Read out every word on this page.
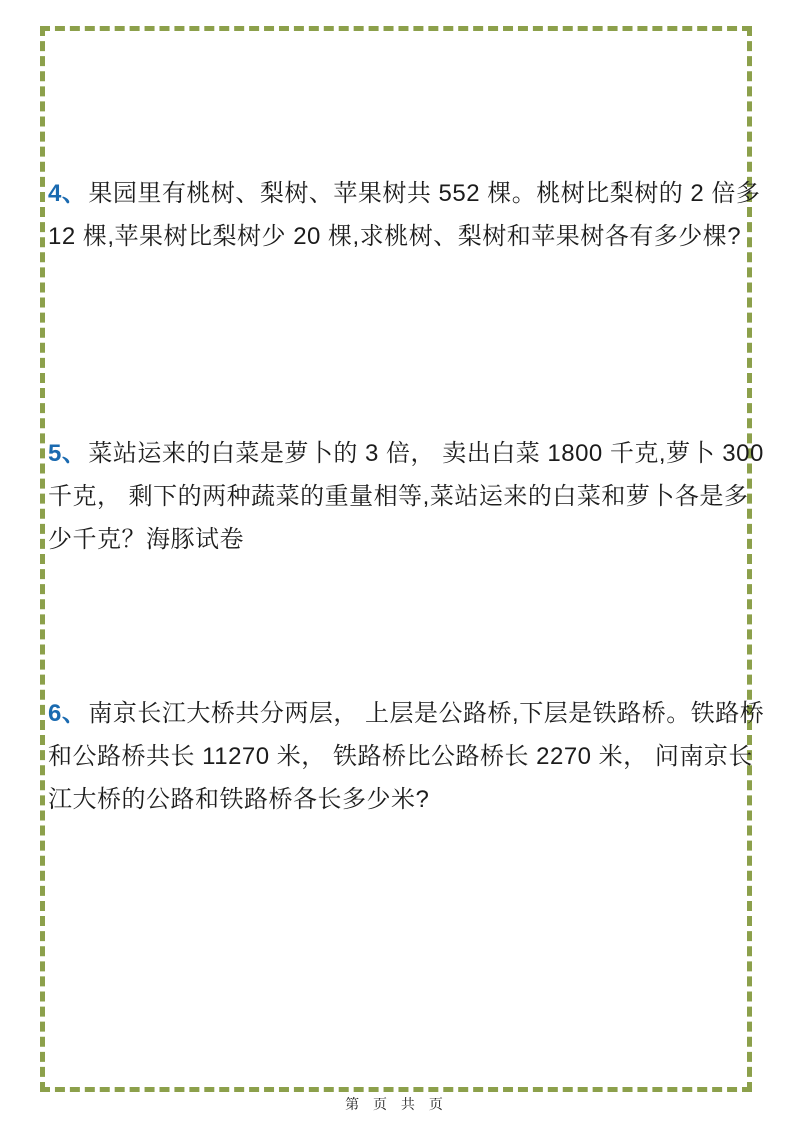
4、果园里有桃树、梨树、苹果树共 552 棵。桃树比梨树的 2 倍多
12 棵,苹果树比梨树少 20 棵,求桃树、梨树和苹果树各有多少棵?
5、菜站运来的白菜是萝卜的 3 倍， 卖出白菜 1800 千克,萝卜 300
千克， 剩下的两种蔬菜的重量相等,菜站运来的白菜和萝卜各是多
少千克？海豚试卷
6、南京长江大桥共分两层， 上层是公路桥,下层是铁路桥。铁路桥
和公路桥共长 11270 米， 铁路桥比公路桥长 2270 米， 问南京长
江大桥的公路和铁路桥各长多少米?
第 页 共 页
